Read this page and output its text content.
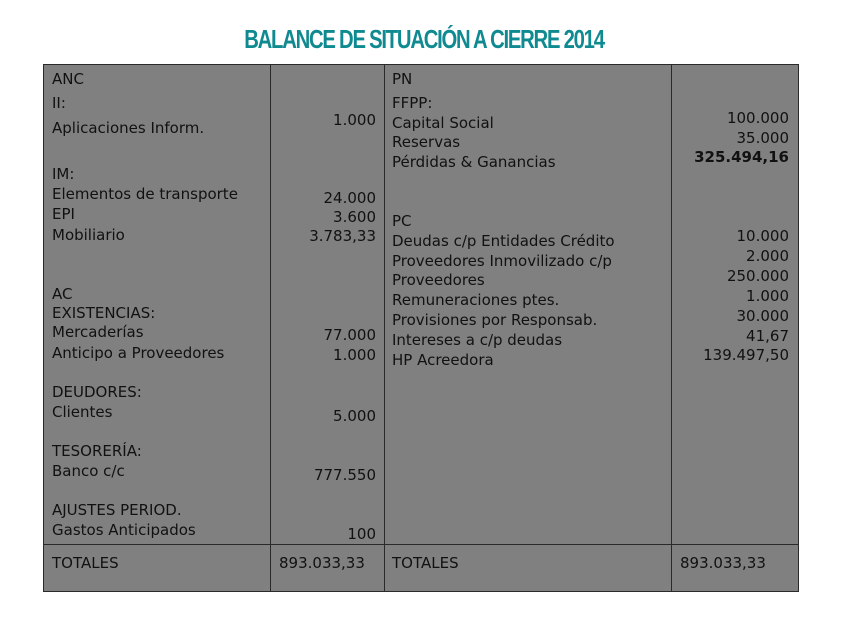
BALANCE DE SITUACIÓN A CIERRE 2014
ANC
II:
Aplicaciones Inform.
IM:
Elementos de transporte
EPI
Mobiliario
AC
EXISTENCIAS:
Mercaderías
Anticipo a Proveedores
DEUDORES:
Clientes
TESORERÍA:
Banco c/c
AJUSTES PERIOD.
Gastos Anticipados
1.000
24.000
3.600
3.783,33
77.000
1.000
5.000
777.550
100
PN
FFPP:
Capital Social
Reservas
Pérdidas & Ganancias
PC
Deudas c/p Entidades Crédito
Proveedores Inmovilizado c/p
Proveedores
Remuneraciones ptes.
Provisiones por Responsab.
Intereses a c/p deudas
HP Acreedora
100.000
35.000
325.494,16
10.000
2.000
250.000
1.000
30.000
41,67
139.497,50
TOTALES	893.033,33 TOTALES	893.033,33
